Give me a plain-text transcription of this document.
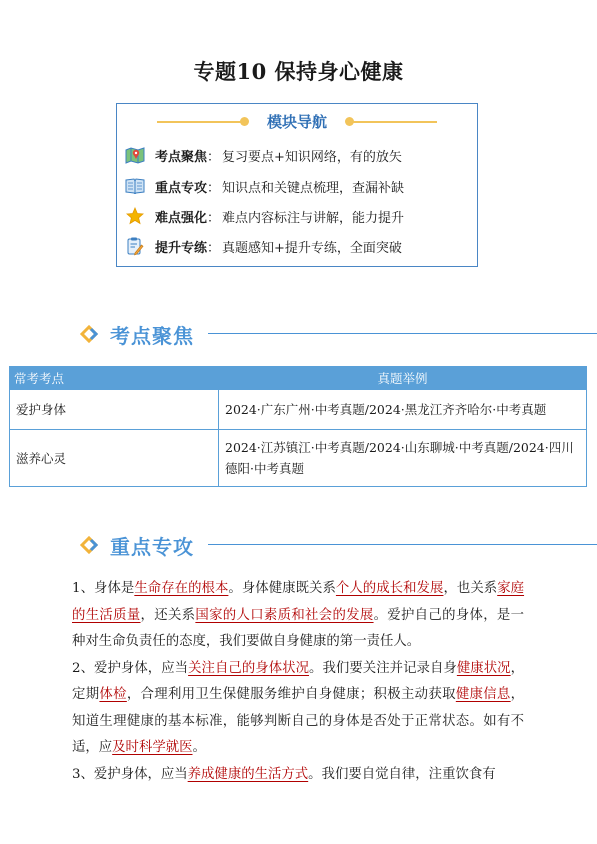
专题10 保持身心健康
模块导航
考点聚焦 ： 复习要点+知识网络，有的放矢
重点专攻 ： 知识点和关键点梳理，查漏补缺
难点强化 ： 难点内容标注与讲解，能力提升
提升专练 ： 真题感知+提升专练，全面突破
考点聚焦
常考考点	真题举例
爱护身体	2024·广东广州·中考真题/2024·黑龙江齐齐哈尔·中考真题
滋养心灵	2024·江苏镇江·中考真题/2024·山东聊城·中考真题/2024·四川德阳·中考真题
重点专攻

1、身体是生命存在的根本。身体健康既关系个人的成长和发展，也关系家庭的生活质量，还关系国家的人口素质和社会的发展。爱护自己的身体，是一种对生命负责任的态度，我们要做自身健康的第一责任人。

2、爱护身体，应当关注自己的身体状况。我们要关注并记录自身健康状况，定期体检，合理利用卫生保健服务维护自身健康；积极主动获取健康信息，知道生理健康的基本标准，能够判断自己的身体是否处于正常状态。如有不适，应及时科学就医。

3、爱护身体，应当养成健康的生活方式。我们要自觉自律，注重饮食有
